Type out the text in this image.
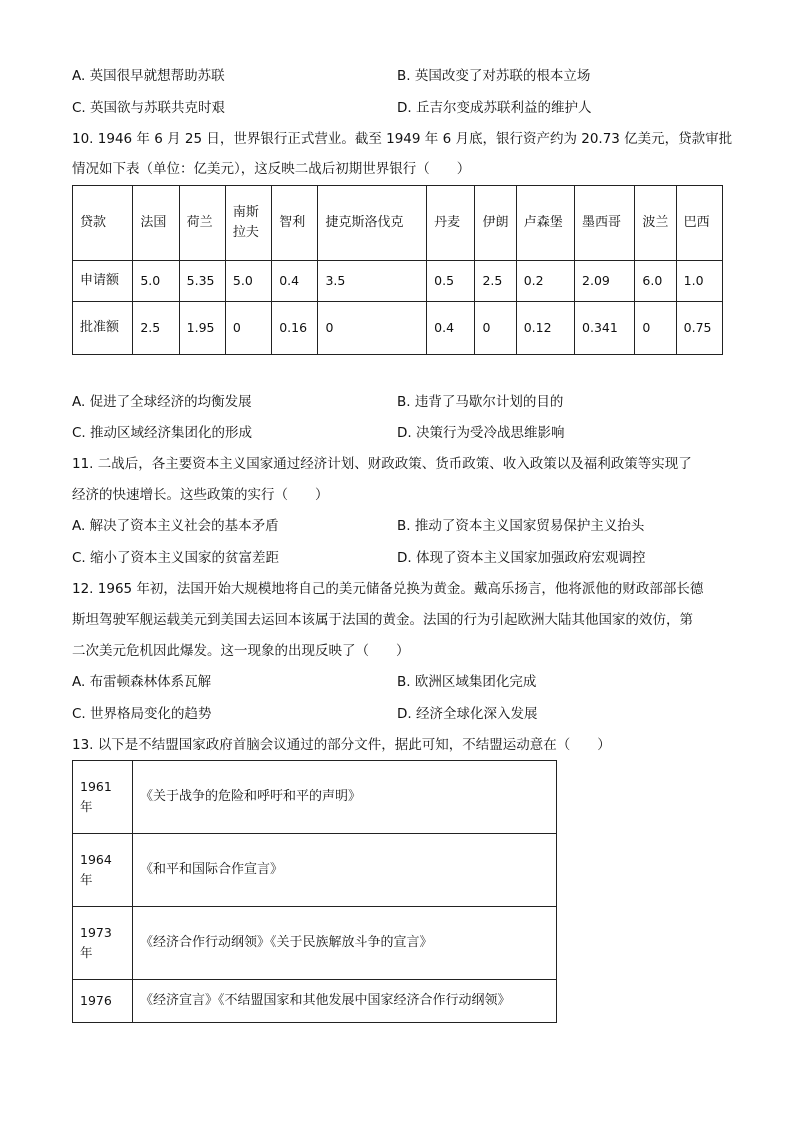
A. 英国很早就想帮助苏联	B. 英国改变了对苏联的根本立场
C. 英国欲与苏联共克时艰	D. 丘吉尔变成苏联利益的维护人
10. 1946 年 6 月 25 日，世界银行正式营业。截至 1949 年 6 月底，银行资产约为 20.73 亿美元，贷款审批
情况如下表（单位：亿美元），这反映二战后初期世界银行（　　）
贷款	法国	荷兰	南斯
拉夫	智利	捷克斯洛伐克	丹麦	伊朗	卢森堡	墨西哥	波兰	巴西
申请额	5.0	5.35	5.0	0.4	3.5	0.5	2.5	0.2	2.09	6.0	1.0
批准额	2.5	1.95	0	0.16	0	0.4	0	0.12	0.341	0	0.75
A. 促进了全球经济的均衡发展	B. 违背了马歇尔计划的目的
C. 推动区域经济集团化的形成	D. 决策行为受冷战思维影响
11. 二战后，各主要资本主义国家通过经济计划、财政政策、货币政策、收入政策以及福利政策等实现了
经济的快速增长。这些政策的实行（　　）
A. 解决了资本主义社会的基本矛盾	B. 推动了资本主义国家贸易保护主义抬头
C. 缩小了资本主义国家的贫富差距	D. 体现了资本主义国家加强政府宏观调控
12. 1965 年初，法国开始大规模地将自己的美元储备兑换为黄金。戴高乐扬言，他将派他的财政部部长德
斯坦驾驶军舰运载美元到美国去运回本该属于法国的黄金。法国的行为引起欧洲大陆其他国家的效仿，第
二次美元危机因此爆发。这一现象的出现反映了（　　）
A. 布雷顿森林体系瓦解	B. 欧洲区域集团化完成
C. 世界格局变化的趋势	D. 经济全球化深入发展
13. 以下是不结盟国家政府首脑会议通过的部分文件，据此可知，不结盟运动意在（　　）
1961
年	《关于战争的危险和呼吁和平的声明》
1964
年	《和平和国际合作宣言》
1973
年	《经济合作行动纲领》《关于民族解放斗争的宣言》
1976	《经济宣言》《不结盟国家和其他发展中国家经济合作行动纲领》
